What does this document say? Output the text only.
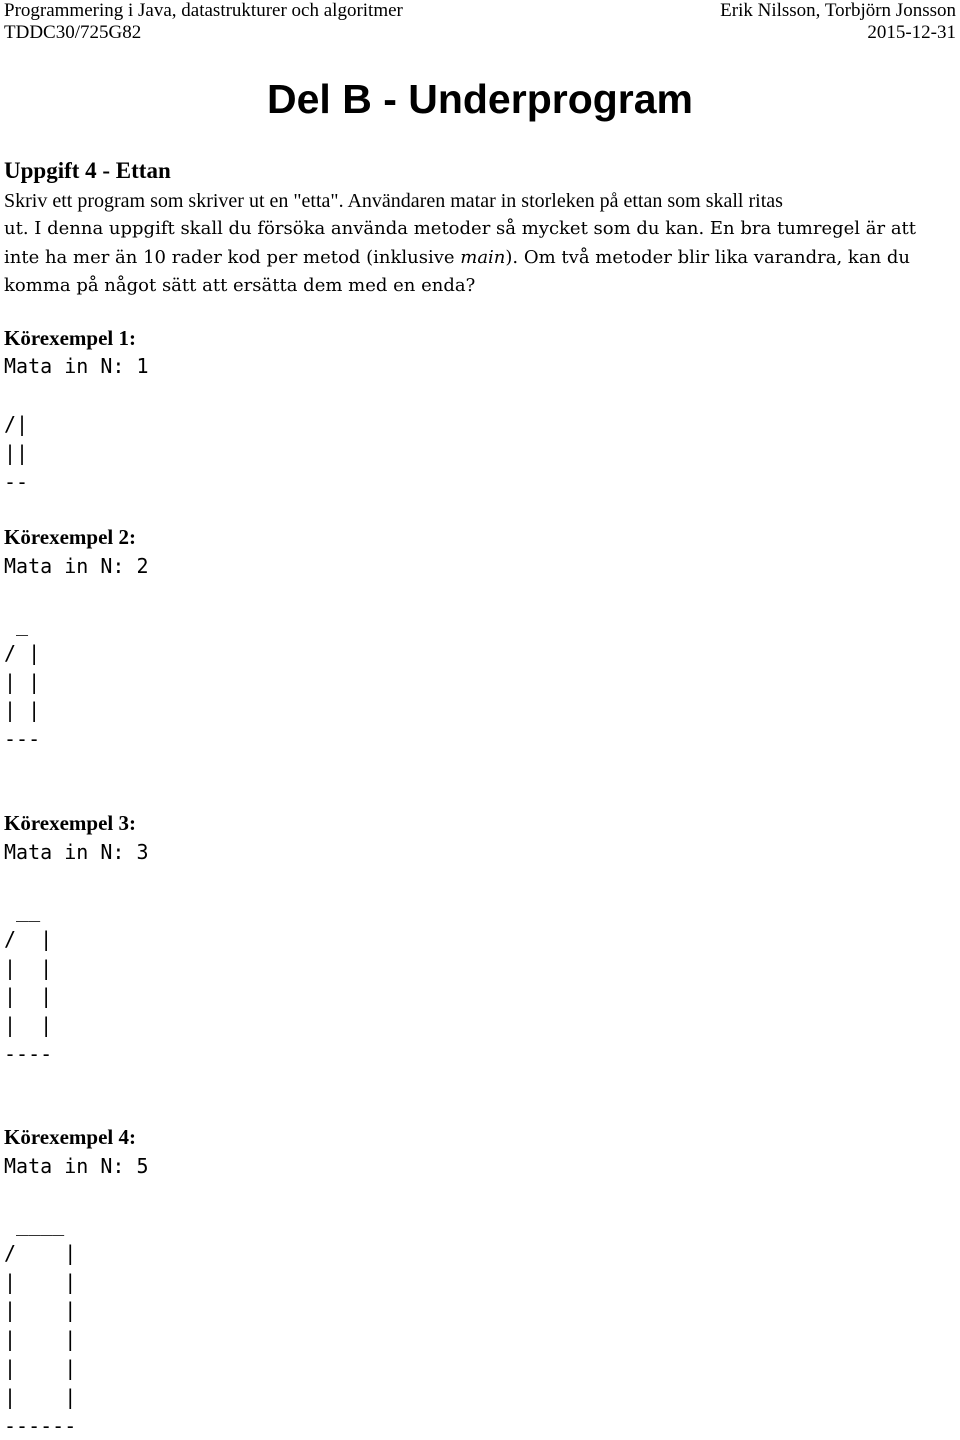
Programmering i Java, datastrukturer och algoritmer	Erik Nilsson, Torbjörn Jonsson
TDDC30/725G82	2015-12-31
Del B - Underprogram
Uppgift 4 - Ettan
Skriv ett program som skriver ut en "etta". Användaren matar in storleken på ettan som skall ritas
ut. I denna uppgift skall du försöka använda metoder så mycket som du kan. En bra tumregel är att
inte ha mer än 10 rader kod per metod (inklusive main). Om två metoder blir lika varandra, kan du
komma på något sätt att ersätta dem med en enda?
Körexempel 1:
Mata in N: 1
/|
||
--
Körexempel 2:
Mata in N: 2
_
/ |
| |
| |
---
Körexempel 3:
Mata in N: 3
__
/  |
|  |
|  |
|  |
----
Körexempel 4:
Mata in N: 5
____
/    |
|    |
|    |
|    |
|    |
|    |
------
